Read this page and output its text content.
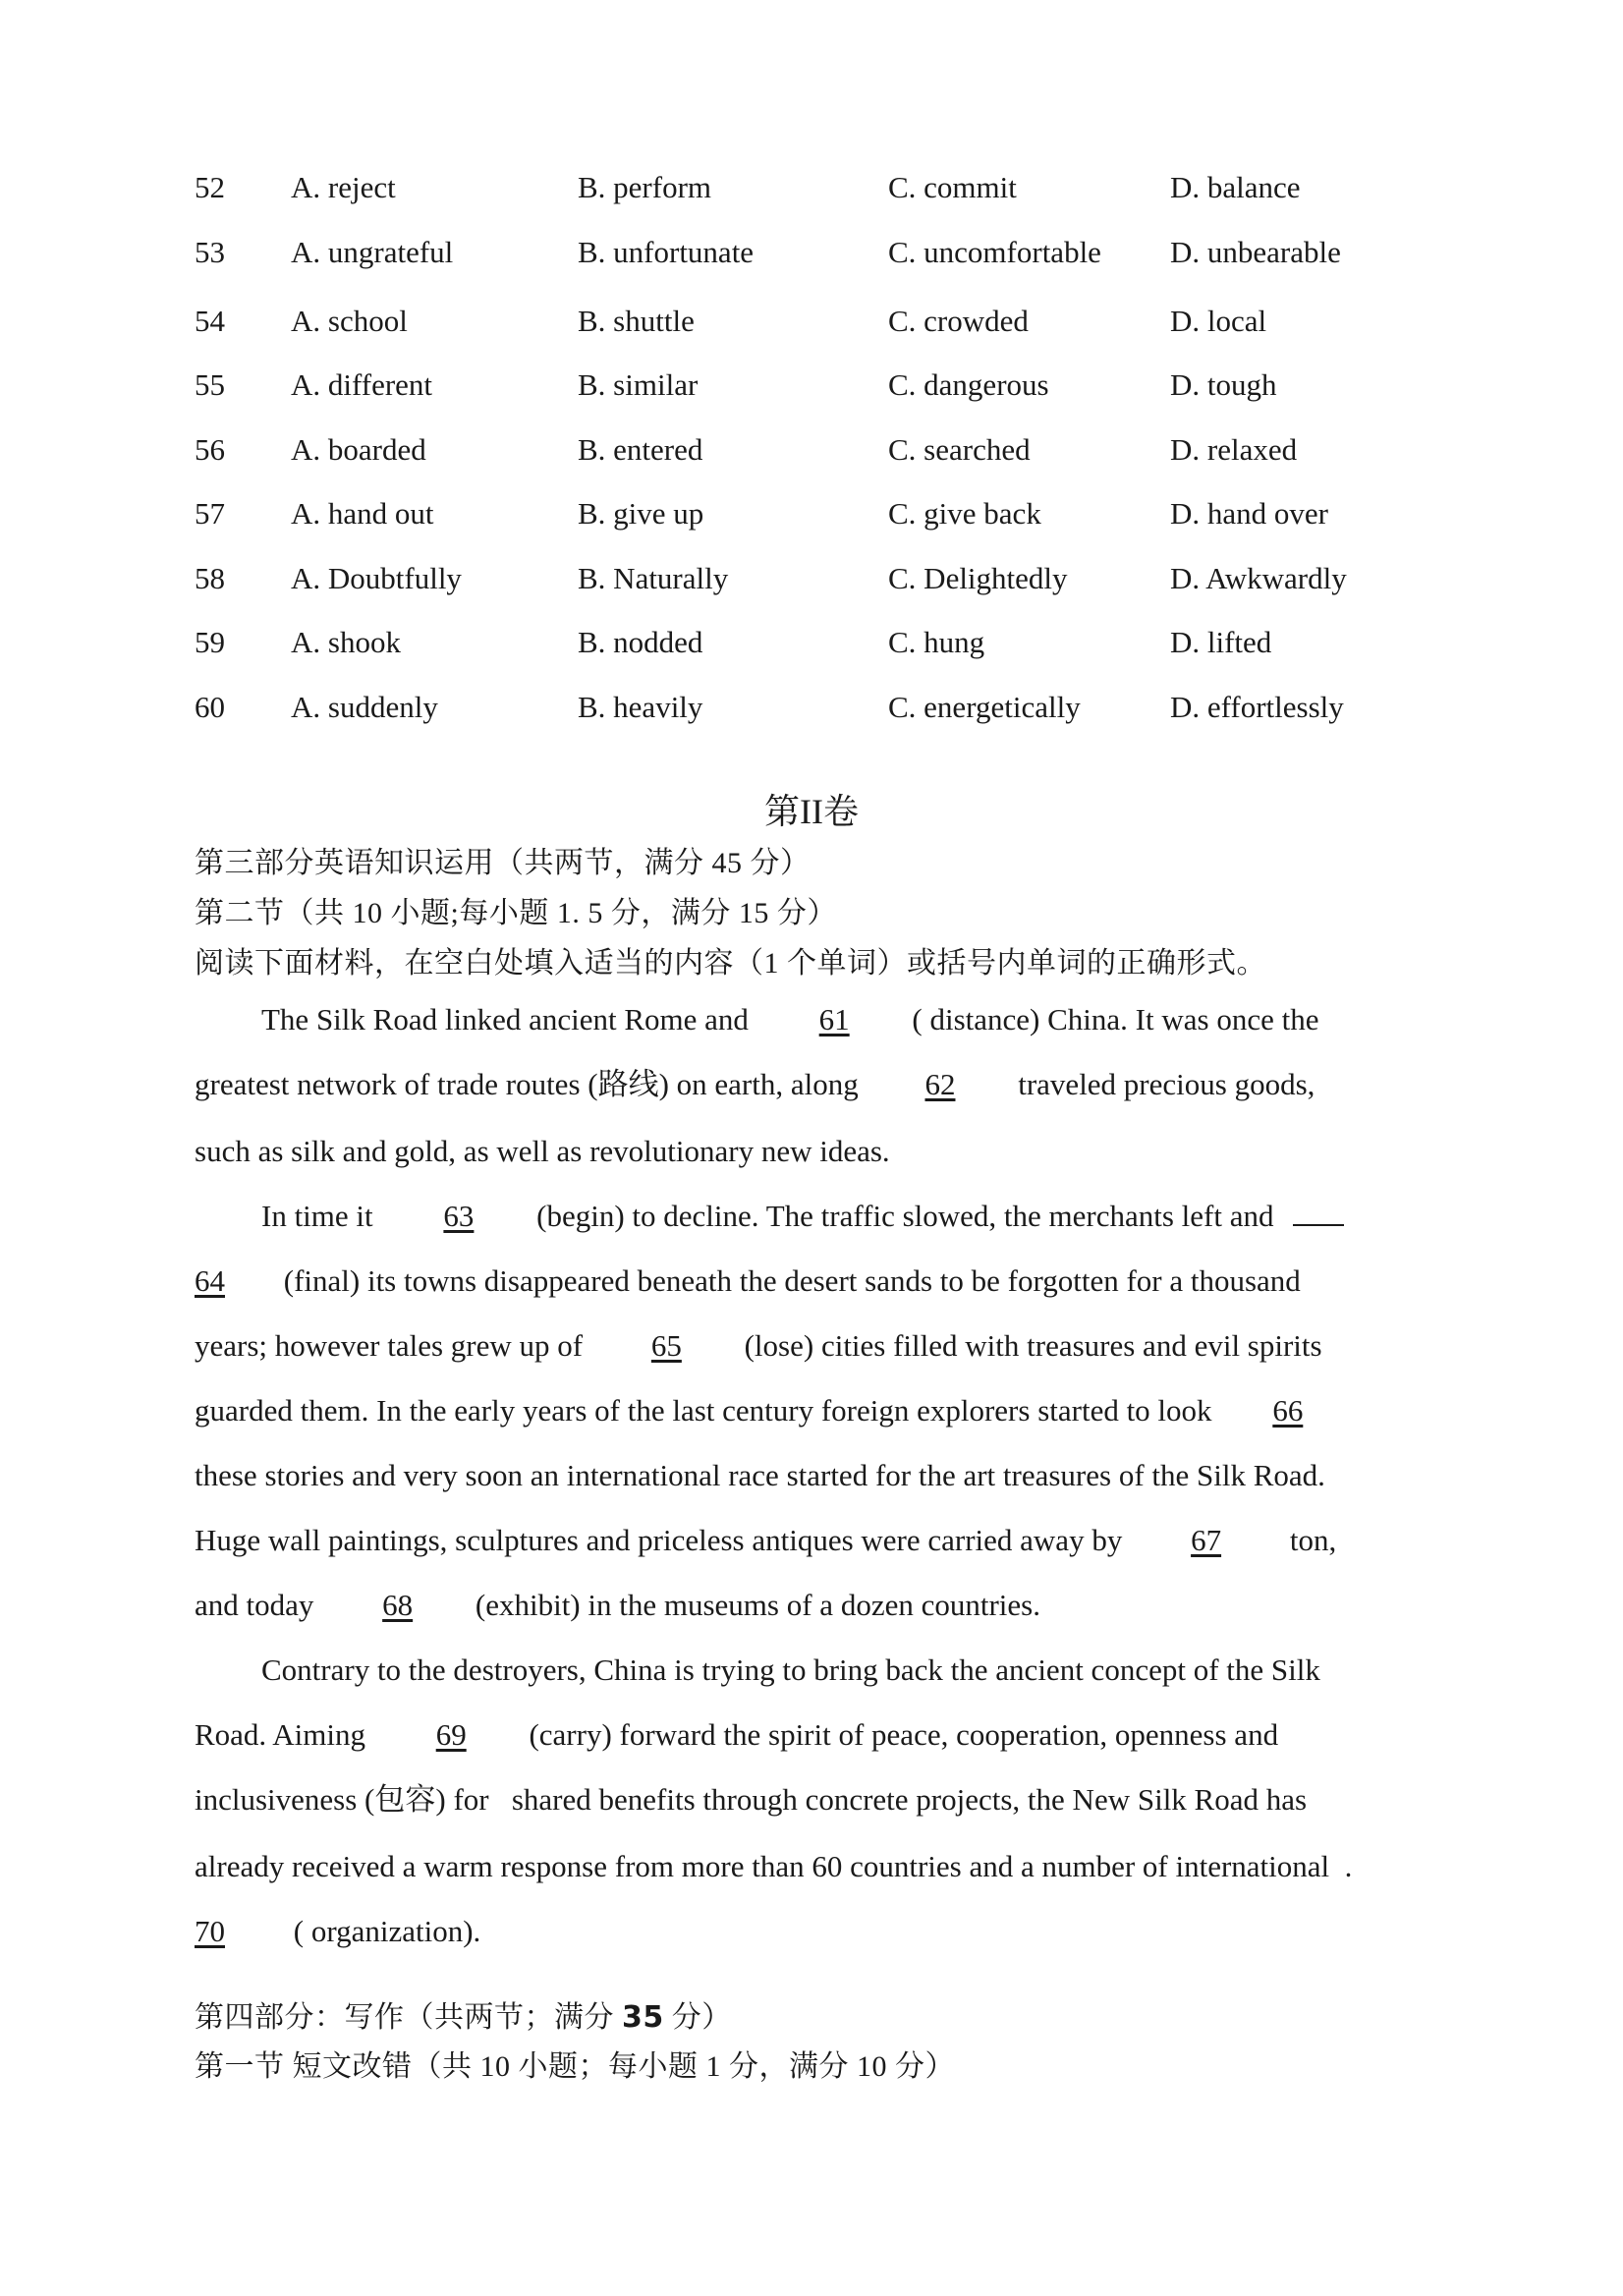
52 A. reject	B. perform	C. commit	D. balance
53 A. ungrateful	B. unfortunate	C. uncomfortable D. unbearable
54 A. school	B. shuttle	C. crowded	D. local
55 A. different	B. similar	C. dangerous	D. tough
56 A. boarded	B. entered	C. searched	D. relaxed
57 A. hand out	B. give up	C. give back	D. hand over
58 A. Doubtfully	B. Naturally	C. Delightedly	D. Awkwardly
59 A. shook	B. nodded	C. hung	D. lifted
60 A. suddenly	B. heavily	C. energetically	D. effortlessly
第II卷
第三部分英语知识运用（共两节，满分 45 分）
第二节（共 10 小题;每小题 1. 5 分，满分 15 分）
阅读下面材料，在空白处填入适当的内容（1 个单词）或括号内单词的正确形式。
The Silk Road linked ancient Rome and 61 ( distance) China. It was once the
greatest network of trade routes (路线) on earth, along 62 traveled precious goods,
such as silk and gold, as well as revolutionary new ideas.
In time it 63 (begin) to decline. The traffic slowed, the merchants left and
64 (final) its towns disappeared beneath the desert sands to be forgotten for a thousand
years; however tales grew up of 65 (lose) cities filled with treasures and evil spirits
guarded them. In the early years of the last century foreign explorers started to look 66
these stories and very soon an international race started for the art treasures of the Silk Road.
Huge wall paintings, sculptures and priceless antiques were carried away by 67 ton,
and today 68 (exhibit) in the museums of a dozen countries.
Contrary to the destroyers, China is trying to bring back the ancient concept of the Silk
Road. Aiming 69 (carry) forward the spirit of peace, cooperation, openness and
inclusiveness (包容) for   shared benefits through concrete projects, the New Silk Road has
already received a warm response from more than 60 countries and a number of international  .
70 ( organization).
第四部分：写作（共两节；满分 35 分）
第一节 短文改错（共 10 小题；每小题 1 分，满分 10 分）
